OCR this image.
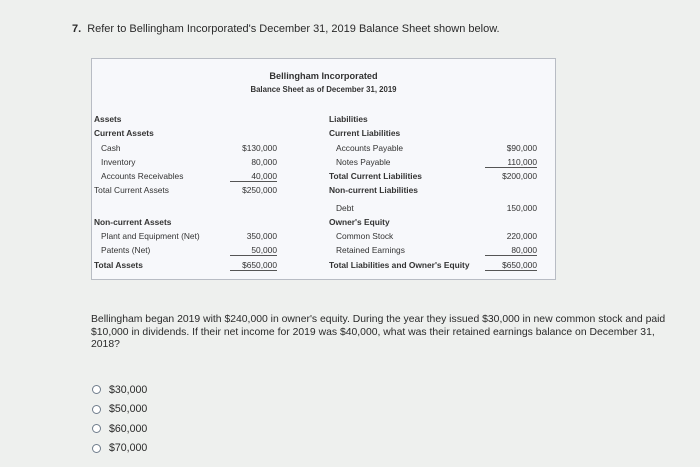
7. Refer to Bellingham Incorporated's December 31, 2019 Balance Sheet shown below.
Bellingham Incorporated
Balance Sheet as of December 31, 2019
Assets
Current Assets
Cash	$130,000
Inventory	80,000
Accounts Receivables	40,000
Total Current Assets	$250,000
Non-current Assets
Plant and Equipment (Net)	350,000
Patents (Net)	50,000
Total Assets	$650,000
Liabilities
Current Liabilities
Accounts Payable	$90,000
Notes Payable	110,000
Total Current Liabilities	$200,000
Non-current Liabilities
Debt	150,000
Owner's Equity
Common Stock	220,000
Retained Earnings	80,000
Total Liabilities and Owner's Equity	$650,000
Bellingham began 2019 with $240,000 in owner's equity. During the year they issued $30,000 in new common stock and paid $10,000 in dividends. If their net income for 2019 was $40,000, what was their retained earnings balance on December 31, 2018?
$30,000
$50,000
$60,000
$70,000
